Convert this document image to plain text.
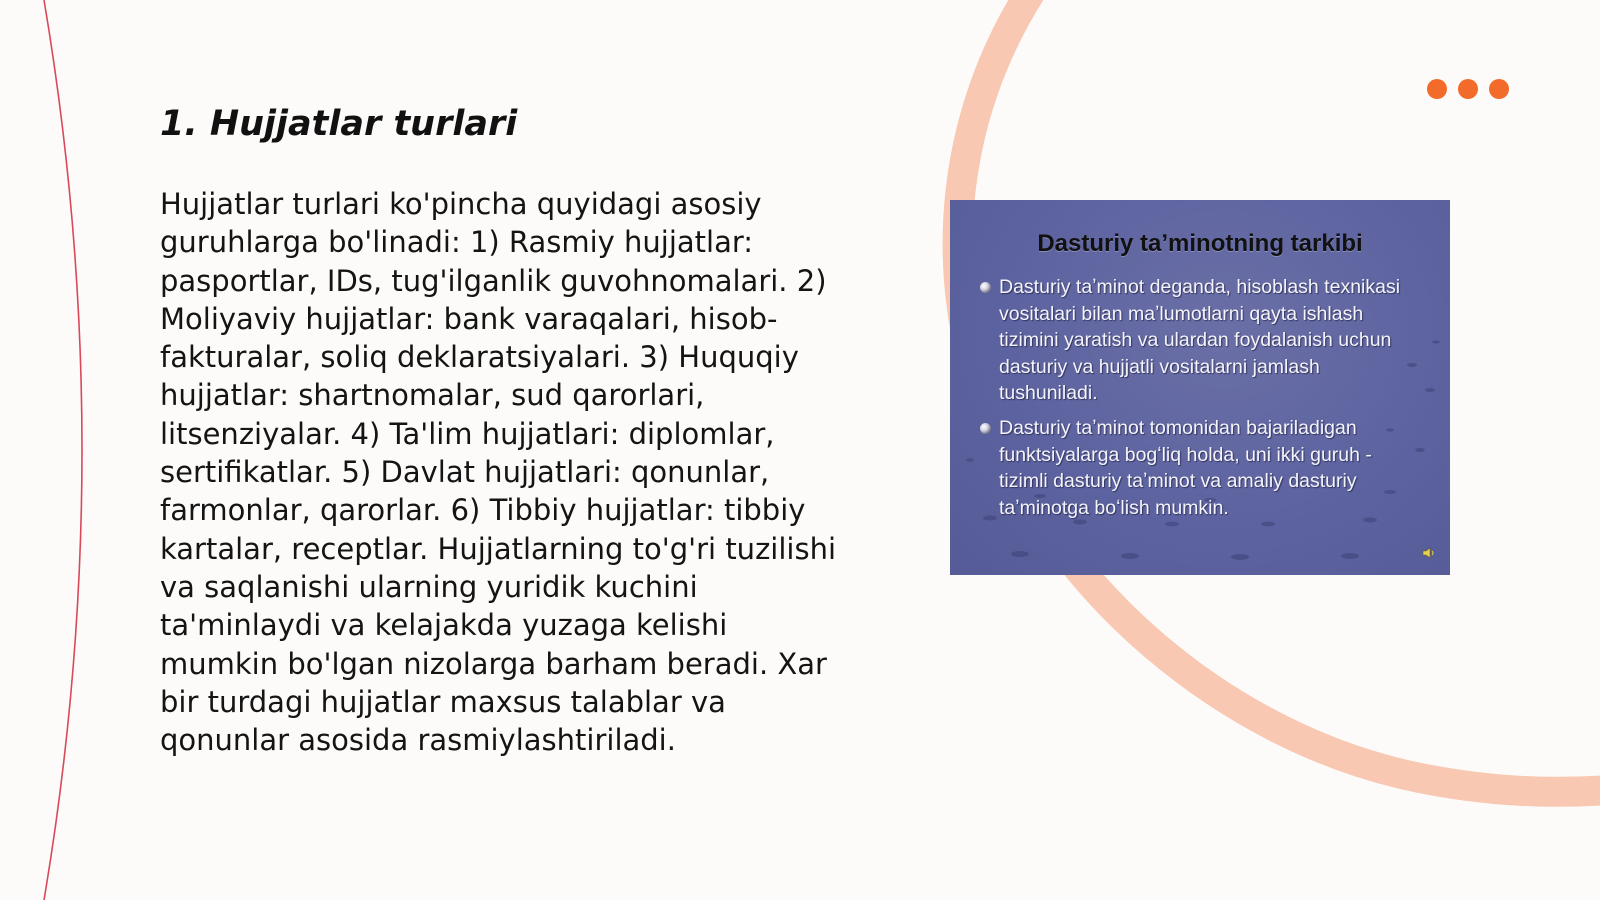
1. Hujjatlar turlari

Hujjatlar turlari ko'pincha quyidagi asosiy guruhlarga bo'linadi: 1) Rasmiy hujjatlar: pasportlar, IDs, tug'ilganlik guvohnomalari. 2) Moliyaviy hujjatlar: bank varaqalari, hisob-fakturalar, soliq deklaratsiyalari. 3) Huquqiy hujjatlar: shartnomalar, sud qarorlari, litsenziyalar. 4) Ta'lim hujjatlari: diplomlar, sertifikatlar. 5) Davlat hujjatlari: qonunlar, farmonlar, qarorlar. 6) Tibbiy hujjatlar: tibbiy kartalar, receptlar. Hujjatlarning to'g'ri tuzilishi va saqlanishi ularning yuridik kuchini ta'minlaydi va kelajakda yuzaga kelishi mumkin bo'lgan nizolarga barham beradi. Xar bir turdagi hujjatlar maxsus talablar va qonunlar asosida rasmiylashtiriladi.

Dasturiy taʼminotning tarkibi
Dasturiy taʼminot deganda, hisoblash texnikasi vositalari bilan maʼlumotlarni qayta ishlash tizimini yaratish va ulardan foydalanish uchun dasturiy va hujjatli vositalarni jamlash tushuniladi.
Dasturiy taʼminot tomonidan bajariladigan funktsiyalarga bogʻliq holda, uni ikki guruh -tizimli dasturiy taʼminot va amaliy dasturiy taʼminotga boʻlish mumkin.
